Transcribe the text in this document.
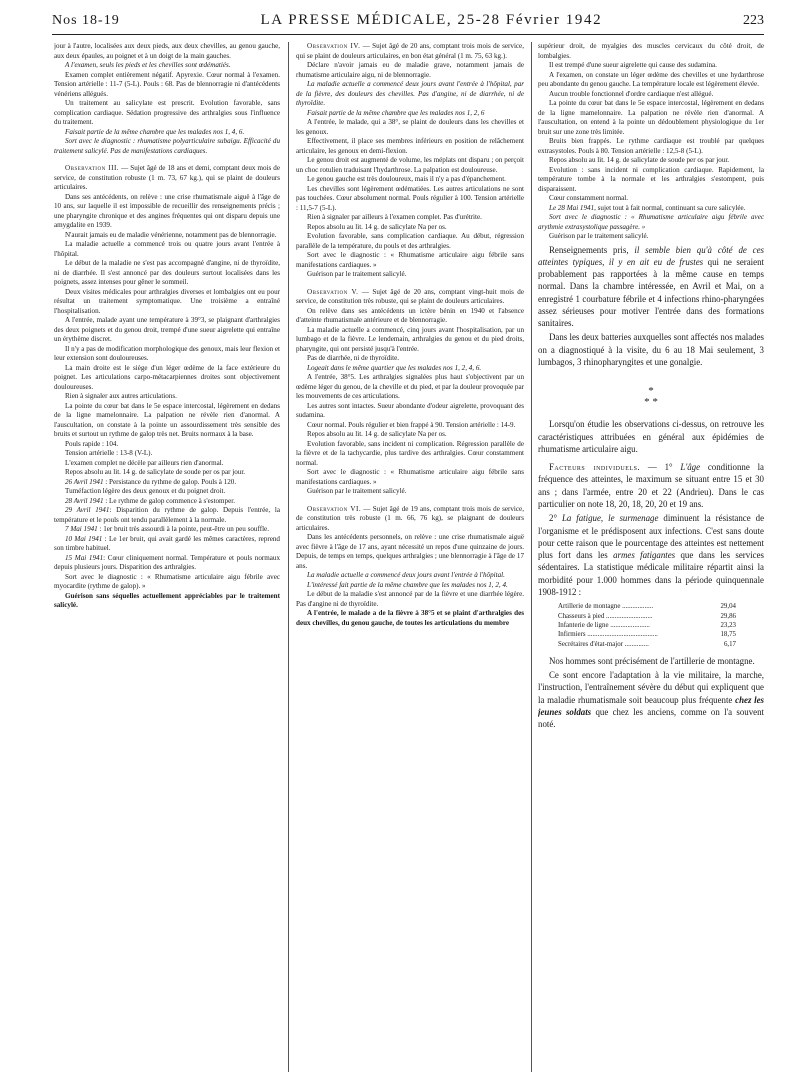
Nos 18-19	LA PRESSE MÉDICALE, 25-28 Février 1942	223

jour à l'autre, localisées aux deux pieds, aux deux chevilles, au genou gauche, aux deux épaules, au poignet et à un doigt de la main gauches.

A l'examen, seuls les pieds et les chevilles sont œdématiés.

Examen complet entièrement négatif. Apyrexie. Cœur normal à l'examen. Tension artérielle : 11-7 (5-L). Pouls : 68. Pas de blennorragie ni d'antécédents vénériens allégués.

Un traitement au salicylate est prescrit. Evolution favorable, sans complication cardiaque. Sédation progressive des arthralgies sous l'influence du traitement.

Faisait partie de la même chambre que les malades nos 1, 4, 6.

Sort avec le diagnostic : rhumatisme polyarticulaire subaigu. Efficacité du traitement salicylé. Pas de manifestations cardiaques.

Observation III. — Sujet âgé de 18 ans et demi, comptant deux mois de service, de constitution robuste (1 m. 73, 67 kg.), qui se plaint de douleurs articulaires.

Dans ses antécédents, on relève : une crise rhumatismale aiguë à l'âge de 10 ans, sur laquelle il est impossible de recueillir des renseignements précis ; une pharyngite chronique et des angines fréquentes qui ont disparu depuis une amygdalite en 1939.

N'aurait jamais eu de maladie vénérienne, notamment pas de blennorragie.

La maladie actuelle a commencé trois ou quatre jours avant l'entrée à l'hôpital.

Le début de la maladie ne s'est pas accompagné d'angine, ni de thyroïdite, ni de diarrhée. Il s'est annoncé par des douleurs surtout localisées dans les poignets, assez intenses pour gêner le sommeil.

Deux visites médicales pour arthralgies diverses et lombalgies ont eu pour résultat un traitement symptomatique. Une troisième a entraîné l'hospitalisation.

A l'entrée, malade ayant une température à 39°3, se plaignant d'arthralgies des deux poignets et du genou droit, trempé d'une sueur aigrelette qui entraîne un érythème discret.

Il n'y a pas de modification morphologique des genoux, mais leur flexion et leur extension sont douloureuses.

La main droite est le siège d'un léger œdème de la face extérieure du poignet. Les articulations carpo-métacarpiennes droites sont objectivement douloureuses.

Rien à signaler aux autres articulations.

La pointe du cœur bat dans le 5e espace intercostal, légèrement en dedans de la ligne mamelonnaire. La palpation ne révèle rien d'anormal. A l'auscultation, on constate à la pointe un assourdissement très sensible des bruits et surtout un rythme de galop très net. Bruits normaux à la base.

Pouls rapide : 104.

Tension artérielle : 13-8 (V-L).

L'examen complet ne décèle par ailleurs rien d'anormal.

Repos absolu au lit. 14 g. de salicylate de soude per os par jour.

26 Avril 1941 : Persistance du rythme de galop. Pouls à 120.

Tuméfaction légère des deux genoux et du poignet droit.

28 Avril 1941 : Le rythme de galop commence à s'estomper.

29 Avril 1941: Disparition du rythme de galop. Depuis l'entrée, la température et le pouls ont tendu parallèlement à la normale.

7 Mai 1941 : 1er bruit très assourdi à la pointe, peut-être un peu souffle.

10 Mai 1941 : Le 1er bruit, qui avait gardé les mêmes caractères, reprend son timbre habituel.

15 Mai 1941: Cœur cliniquement normal. Température et pouls normaux depuis plusieurs jours. Disparition des arthralgies.

Sort avec le diagnostic : « Rhumatisme articulaire aigu fébrile avec myocardite (rythme de galop). »

Guérison sans séquelles actuellement appréciables par le traitement salicylé.

Observation IV. — Sujet âgé de 20 ans, comptant trois mois de service, qui se plaint de douleurs articulaires, en bon état général (1 m. 75, 63 kg.).

Déclare n'avoir jamais eu de maladie grave, notamment jamais de rhumatisme articulaire aigu, ni de blennorragie.

La maladie actuelle a commencé deux jours avant l'entrée à l'hôpital, par de la fièvre, des douleurs des chevilles. Pas d'angine, ni de diarrhée, ni de thyroïdite.

Faisait partie de la même chambre que les malades nos 1, 2, 6

A l'entrée, le malade, qui a 38°, se plaint de douleurs dans les chevilles et les genoux.

Effectivement, il place ses membres inférieurs en position de relâchement articulaire, les genoux en demi-flexion.

Le genou droit est augmenté de volume, les méplats ont disparu ; on perçoit un choc rotulien traduisant l'hydarthrose. La palpation est douloureuse.

Le genou gauche est très douloureux, mais il n'y a pas d'épanchement.

Les chevilles sont légèrement œdématiées. Les autres articulations ne sont pas touchées. Cœur absolument normal. Pouls régulier à 100. Tension artérielle : 11,5-7 (5-L).

Rien à signaler par ailleurs à l'examen complet. Pas d'urétrite.

Repos absolu au lit. 14 g. de salicylate Na per os.

Evolution favorable, sans complication cardiaque. Au début, régression parallèle de la température, du pouls et des arthralgies.

Sort avec le diagnostic : « Rhumatisme articulaire aigu fébrile sans manifestations cardiaques. »

Guérison par le traitement salicylé.

Observation V. — Sujet âgé de 20 ans, comptant vingt-huit mois de service, de constitution très robuste, qui se plaint de douleurs articulaires.

On relève dans ses antécédents un ictère bénin en 1940 et l'absence d'atteinte rhumatismale antérieure et de blennorragie.

La maladie actuelle a commencé, cinq jours avant l'hospitalisation, par un lumbago et de la fièvre. Le lendemain, arthralgies du genou et du pied droits, pharyngite, qui ont persisté jusqu'à l'entrée.

Pas de diarrhée, ni de thyroïdite.

Logeait dans le même quartier que les malades nos 1, 2, 4, 6.

A l'entrée, 38°5. Les arthralgies signalées plus haut s'objectivent par un œdème léger du genou, de la cheville et du pied, et par la douleur provoquée par les mouvements de ces articulations.

Les autres sont intactes. Sueur abondante d'odeur aigrelette, provoquant des sudamina.

Cœur normal. Pouls régulier et bien frappé à 90. Tension artérielle : 14-9.

Repos absolu au lit. 14 g. de salicylate Na per os.

Evolution favorable, sans incident ni complication. Régression parallèle de la fièvre et de la tachycardie, plus tardive des arthralgies. Cœur constamment normal.

Sort avec le diagnostic : « Rhumatisme articulaire aigu fébrile sans manifestations cardiaques. »

Guérison par le traitement salicylé.

Observation VI. — Sujet âgé de 19 ans, comptant trois mois de service, de constitution très robuste (1 m. 66, 76 kg), se plaignant de douleurs articulaires.

Dans les antécédents personnels, on relève : une crise rhumatismale aiguë avec fièvre à l'âge de 17 ans, ayant nécessité un repos d'une quinzaine de jours. Depuis, de temps en temps, quelques arthralgies ; une blennorragie à l'âge de 17 ans.

La maladie actuelle a commencé deux jours avant l'entrée à l'hôpital.

L'intéressé fait partie de la même chambre que les malades nos 1, 2, 4.

Le début de la maladie s'est annoncé par de la fièvre et une diarrhée légère. Pas d'angine ni de thyroïdite.

A l'entrée, le malade a de la fièvre à 38°5 et se plaint d'arthralgies des deux chevilles, du genou gauche, de toutes les articulations du membre

supérieur droit, de myalgies des muscles cervicaux du côté droit, de lombalgies.

Il est trempé d'une sueur aigrelette qui cause des sudamina.

A l'examen, on constate un léger œdème des chevilles et une hydarthrose peu abondante du genou gauche. La température locale est légèrement élevée.

Aucun trouble fonctionnel d'ordre cardiaque n'est allégué.

La pointe du cœur bat dans le 5e espace intercostal, légèrement en dedans de la ligne mamelonnaire. La palpation ne révèle rien d'anormal. A l'auscultation, on entend à la pointe un dédoublement physiologique du 1er bruit sur une zone très limitée.

Bruits bien frappés. Le rythme cardiaque est troublé par quelques extrasystoles. Pouls à 80. Tension artérielle : 12,5-8 (5-L).

Repos absolu au lit. 14 g. de salicylate de soude per os par jour.

Evolution : sans incident ni complication cardiaque. Rapidement, la température tombe à la normale et les arthralgies s'estompent, puis disparaissent.

Cœur constamment normal.

Le 28 Mai 1941, sujet tout à fait normal, continuant sa cure salicylée.

Sort avec le diagnostic : « Rhumatisme articulaire aigu fébrile avec arythmie extrasystolique passagère. »

Guérison par le traitement salicylé.

Renseignements pris, il semble bien qu'à côté de ces atteintes typiques, il y en ait eu de frustes qui ne seraient probablement pas rapportées à la même cause en temps normal. Dans la chambre intéressée, en Avril et Mai, on a enregistré 1 courbature fébrile et 4 infections rhino-pharyngées assez sérieuses pour motiver l'entrée dans des formations sanitaires.

Dans les deux batteries auxquelles sont affectés nos malades on a diagnostiqué à la visite, du 6 au 18 Mai seulement, 3 lumbagos, 3 rhinopharyngites et une gonalgie.

*
* *

Lorsqu'on étudie les observations ci-dessus, on retrouve les caractéristiques attribuées en général aux épidémies de rhumatisme articulaire aigu.

Facteurs individuels. — 1° L'âge conditionne la fréquence des atteintes, le maximum se situant entre 15 et 30 ans ; dans l'armée, entre 20 et 22 (Andrieu). Dans le cas particulier on note 18, 20, 18, 20, 20 et 19 ans.

2° La fatigue, le surmenage diminuent la résistance de l'organisme et le prédisposent aux infections. C'est sans doute pour cette raison que le pourcentage des atteintes est nettement plus fort dans les armes fatigantes que dans les services sédentaires. La statistique médicale militaire répartit ainsi la morbidité pour 1.000 hommes dans la période quinquennale 1908-1912 :

Artillerie de montagne ..................	29,04
Chasseurs à pied ...........................	29,86
Infanterie de ligne .......................	23,23
Infirmiers .........................................	18,75
Secrétaires d'état-major ..............	6,17

Nos hommes sont précisément de l'artillerie de montagne.

Ce sont encore l'adaptation à la vie militaire, la marche, l'instruction, l'entraînement sévère du début qui expliquent que la maladie rhumatismale soit beaucoup plus fréquente chez les jeunes soldats que chez les anciens, comme on l'a souvent noté.
